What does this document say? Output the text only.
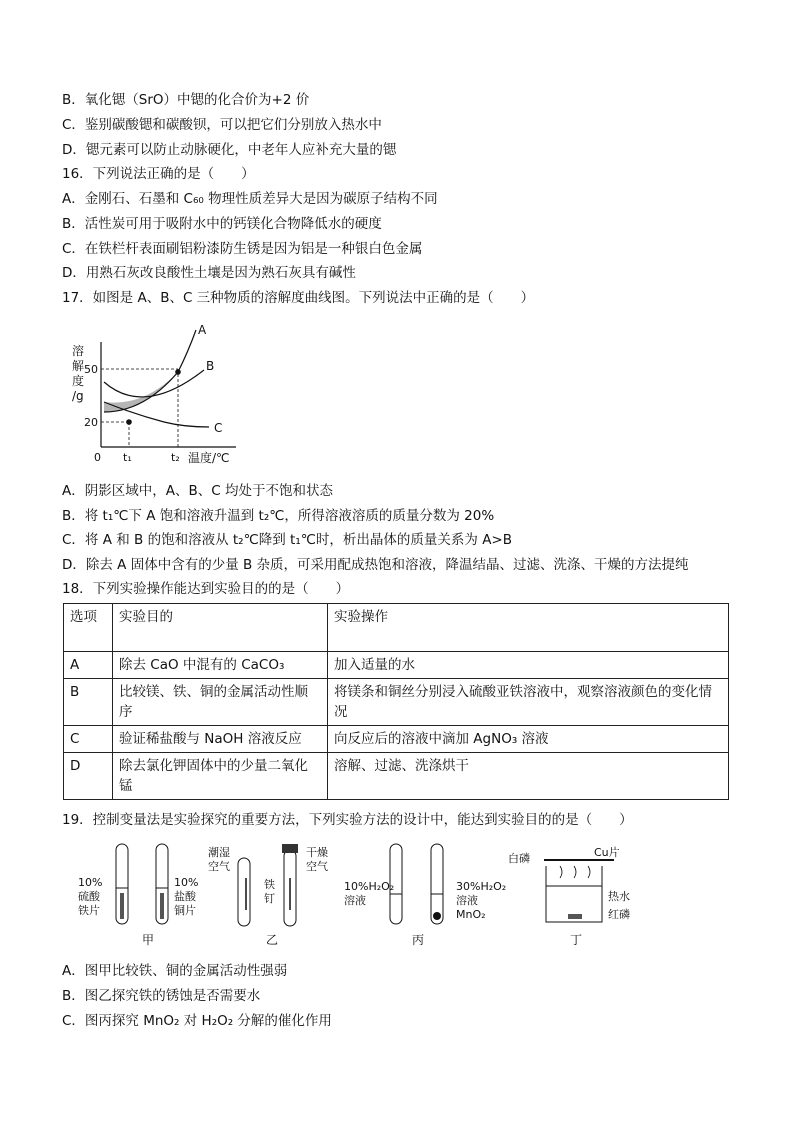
B．氧化锶（SrO）中锶的化合价为+2 价
C．鉴别碳酸锶和碳酸钡，可以把它们分别放入热水中
D．锶元素可以防止动脉硬化，中老年人应补充大量的锶
16．下列说法正确的是（　　）
A．金刚石、石墨和 C₆₀ 物理性质差异大是因为碳原子结构不同
B．活性炭可用于吸附水中的钙镁化合物降低水的硬度
C．在铁栏杆表面刷铝粉漆防生锈是因为铝是一种银白色金属
D．用熟石灰改良酸性土壤是因为熟石灰具有碱性
17．如图是 A、B、C 三种物质的溶解度曲线图。下列说法中正确的是（　　）
溶
解
度
/g
50
20
0 t₁	t₂ 温度/℃
A
B
C
A．阴影区域中，A、B、C 均处于不饱和状态
B．将 t₁℃下 A 饱和溶液升温到 t₂℃，所得溶液溶质的质量分数为 20%
C．将 A 和 B 的饱和溶液从 t₂℃降到 t₁℃时，析出晶体的质量关系为 A>B
D．除去 A 固体中含有的少量 B 杂质，可采用配成热饱和溶液，降温结晶、过滤、洗涤、干燥的方法提纯
18．下列实验操作能达到实验目的的是（　　）
选项	实验目的	实验操作
A	除去 CaO 中混有的 CaCO₃	加入适量的水
B	比较镁、铁、铜的金属活动性顺序	将镁条和铜丝分别浸入硫酸亚铁溶液中，观察溶液颜色的变化情况
C	验证稀盐酸与 NaOH 溶液反应	向反应后的溶液中滴加 AgNO₃ 溶液
D	除去氯化钾固体中的少量二氧化锰	溶解、过滤、洗涤烘干
19．控制变量法是实验探究的重要方法，下列实验方法的设计中，能达到实验目的的是（　　）
10%
硫酸
铁片
10%
盐酸
铜片
甲
潮湿
空气
铁
钉
干燥
空气
乙
10%H₂O₂
溶液
30%H₂O₂
溶液
MnO₂
丙
白磷	Cu片
热水
红磷
丁
A．图甲比较铁、铜的金属活动性强弱
B．图乙探究铁的锈蚀是否需要水
C．图丙探究 MnO₂ 对 H₂O₂ 分解的催化作用
